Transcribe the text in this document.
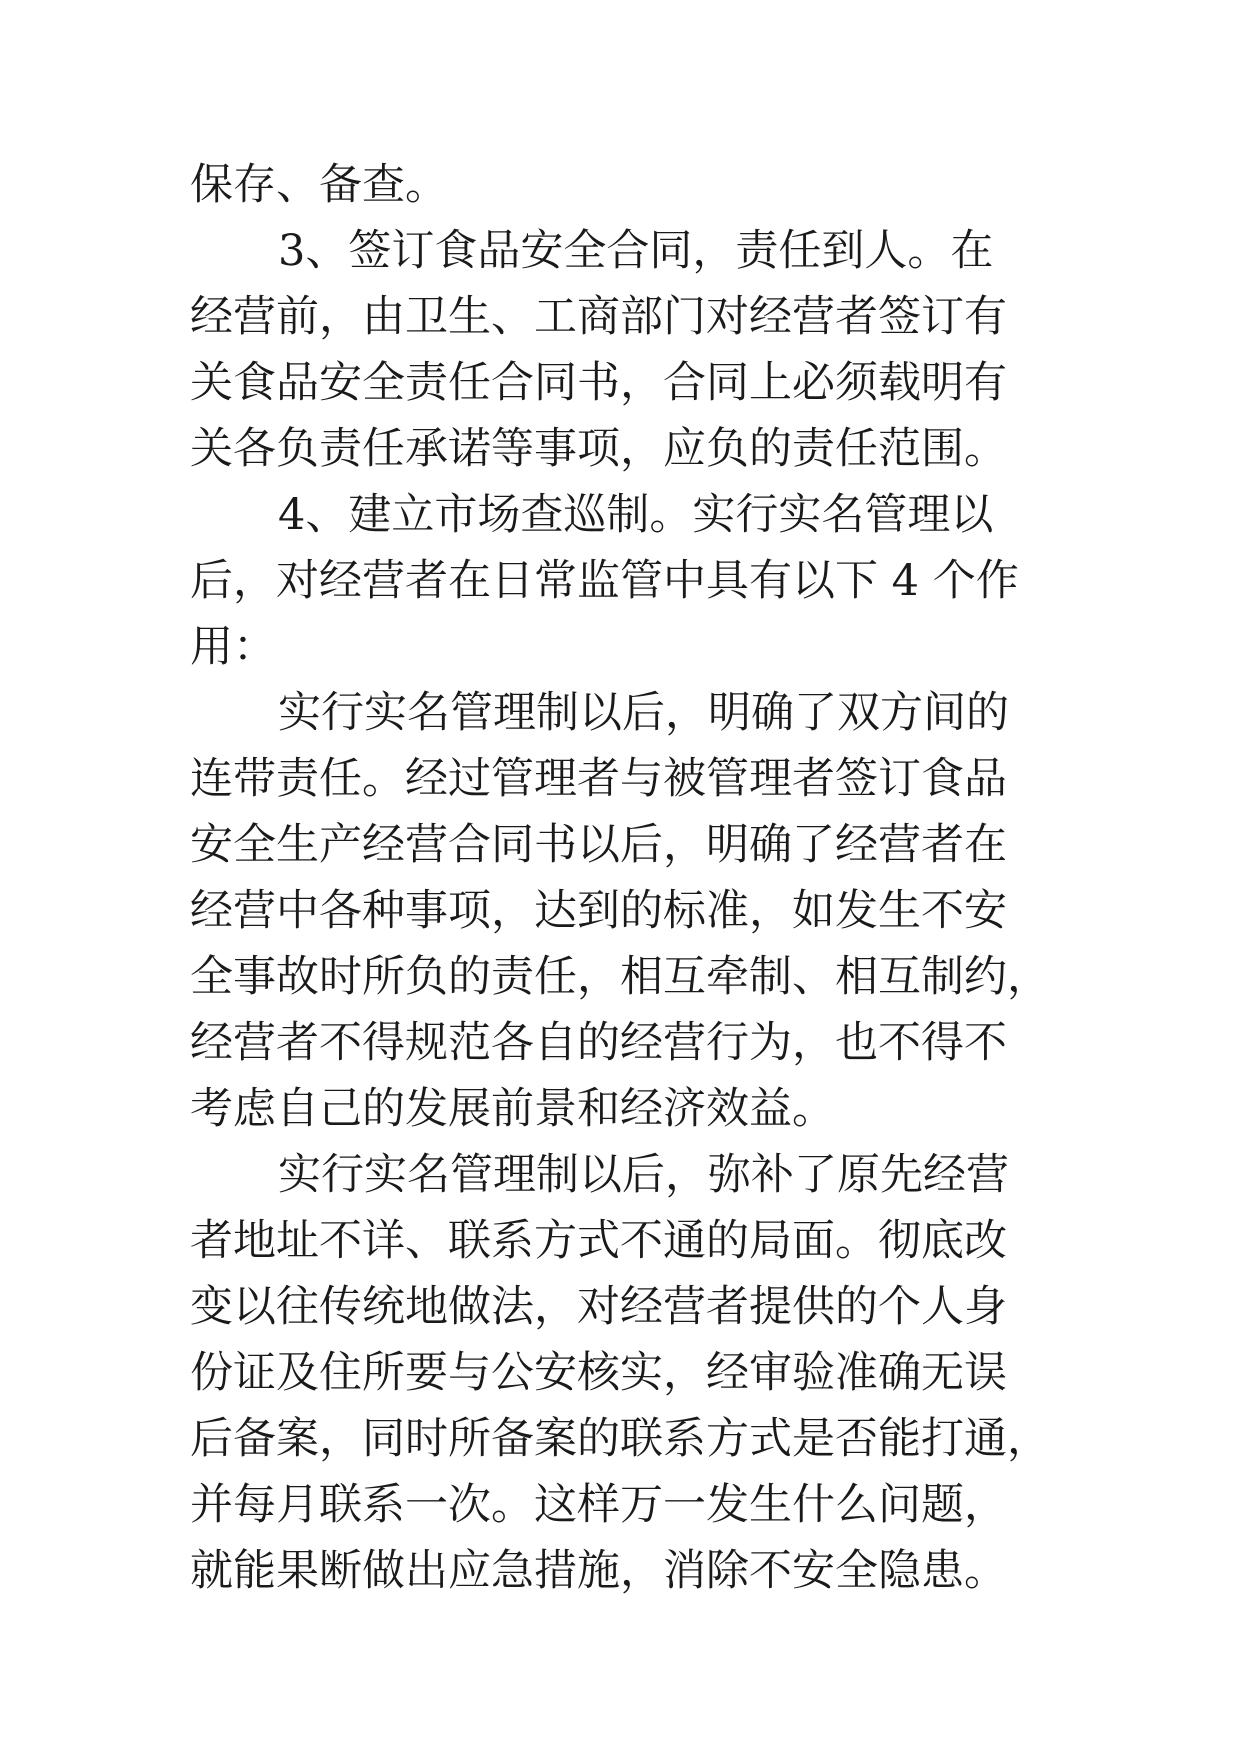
保存、备查。
3、签订食品安全合同，责任到人。在
经营前，由卫生、工商部门对经营者签订有
关食品安全责任合同书，合同上必须载明有
关各负责任承诺等事项，应负的责任范围。
4、建立市场查巡制。实行实名管理以
后，对经营者在日常监管中具有以下 4 个作
用：
实行实名管理制以后，明确了双方间的
连带责任。经过管理者与被管理者签订食品
安全生产经营合同书以后，明确了经营者在
经营中各种事项，达到的标准，如发生不安
全事故时所负的责任，相互牵制、相互制约，
经营者不得规范各自的经营行为，也不得不
考虑自己的发展前景和经济效益。
实行实名管理制以后，弥补了原先经营
者地址不详、联系方式不通的局面。彻底改
变以往传统地做法，对经营者提供的个人身
份证及住所要与公安核实，经审验准确无误
后备案，同时所备案的联系方式是否能打通，
并每月联系一次。这样万一发生什么问题，
就能果断做出应急措施，消除不安全隐患。
